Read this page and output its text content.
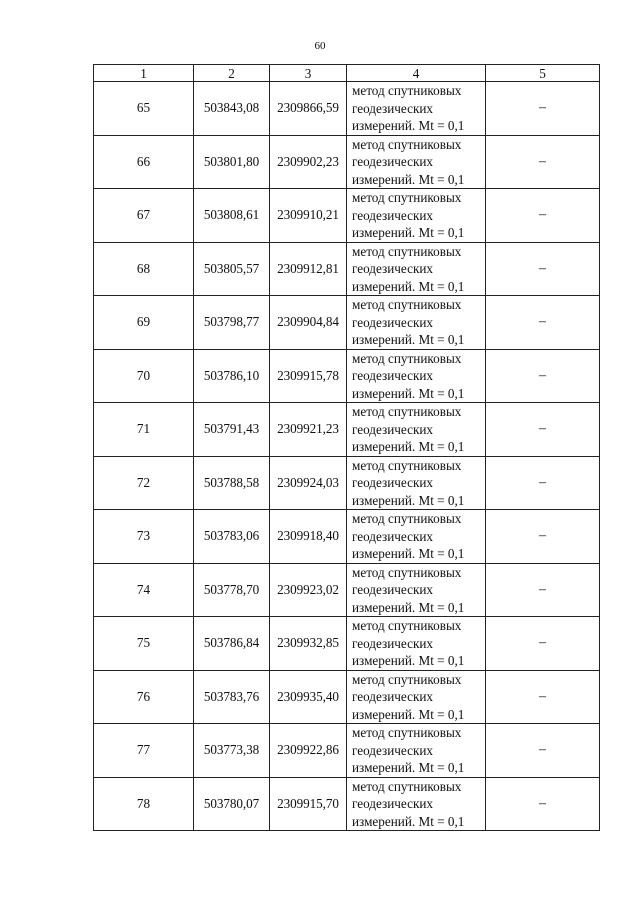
60
1	2	3	4	5
65	503843,08	2309866,59	метод спутниковых
геодезических
измерений. Mt = 0,1	–
66	503801,80	2309902,23	метод спутниковых
геодезических
измерений. Mt = 0,1	–
67	503808,61	2309910,21	метод спутниковых
геодезических
измерений. Mt = 0,1	–
68	503805,57	2309912,81	метод спутниковых
геодезических
измерений. Mt = 0,1	–
69	503798,77	2309904,84	метод спутниковых
геодезических
измерений. Mt = 0,1	–
70	503786,10	2309915,78	метод спутниковых
геодезических
измерений. Mt = 0,1	–
71	503791,43	2309921,23	метод спутниковых
геодезических
измерений. Mt = 0,1	–
72	503788,58	2309924,03	метод спутниковых
геодезических
измерений. Mt = 0,1	–
73	503783,06	2309918,40	метод спутниковых
геодезических
измерений. Mt = 0,1	–
74	503778,70	2309923,02	метод спутниковых
геодезических
измерений. Mt = 0,1	–
75	503786,84	2309932,85	метод спутниковых
геодезических
измерений. Mt = 0,1	–
76	503783,76	2309935,40	метод спутниковых
геодезических
измерений. Mt = 0,1	–
77	503773,38	2309922,86	метод спутниковых
геодезических
измерений. Mt = 0,1	–
78	503780,07	2309915,70	метод спутниковых
геодезических
измерений. Mt = 0,1	–
